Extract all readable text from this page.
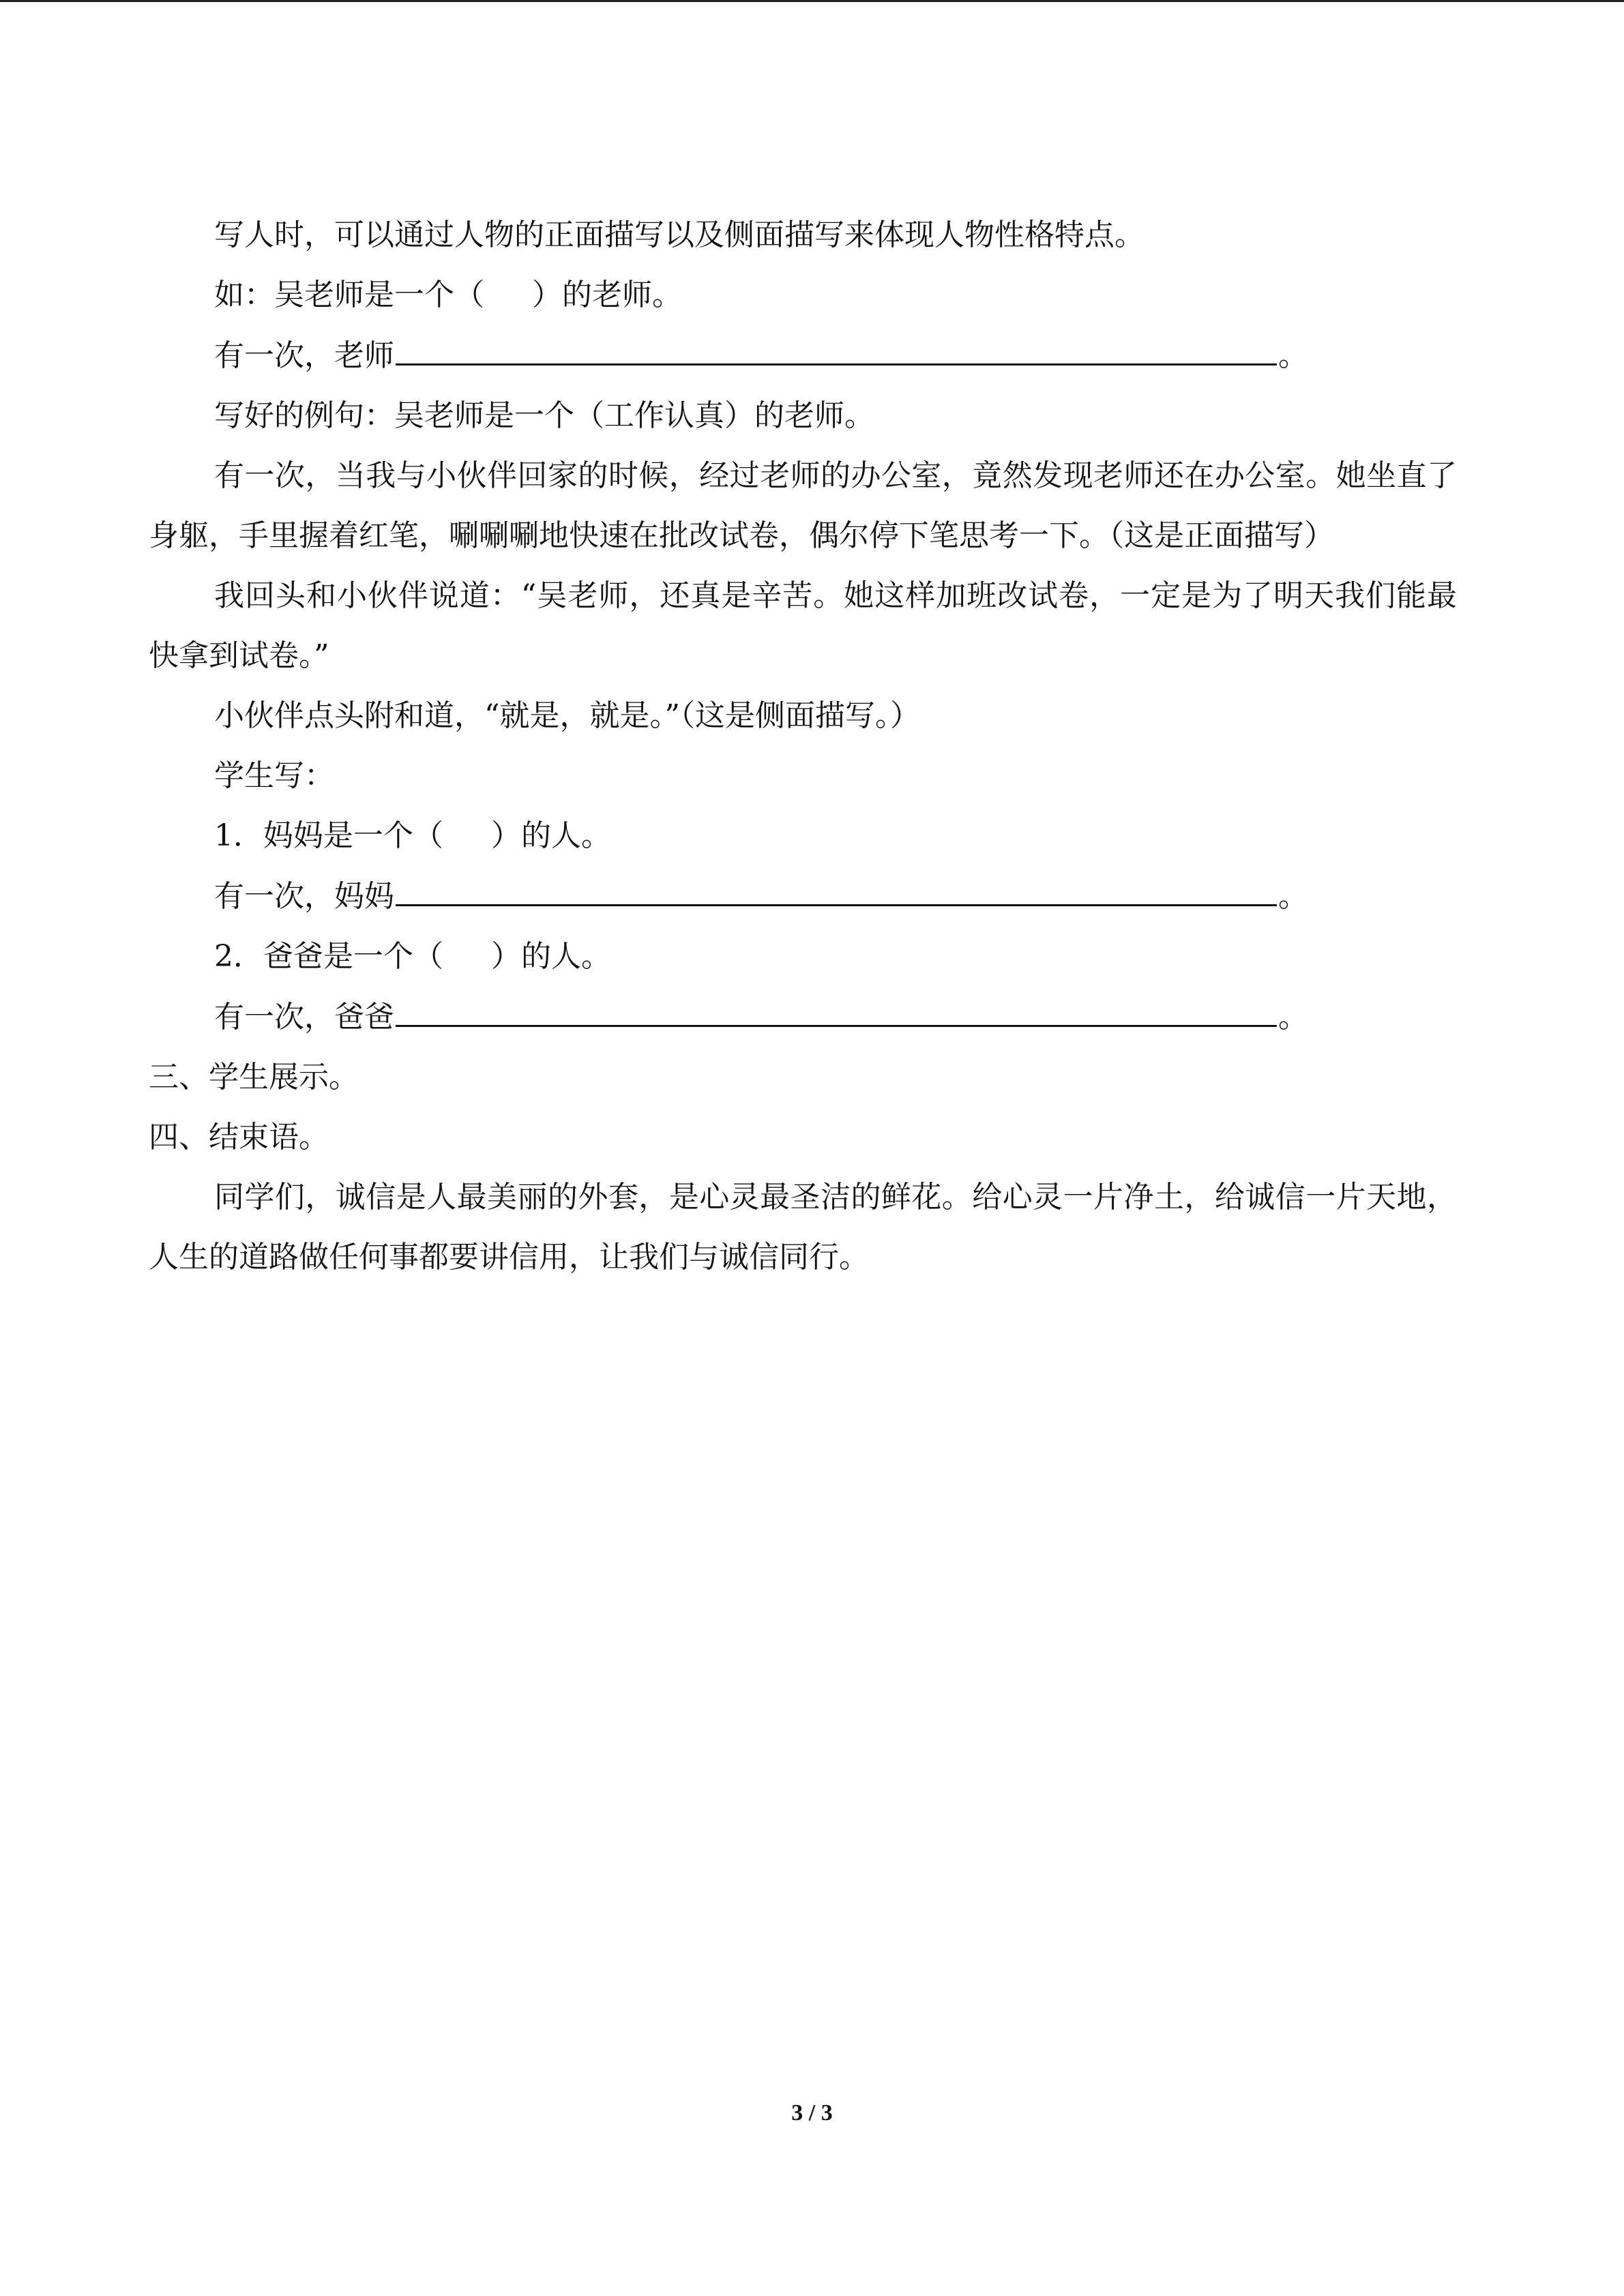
写人时，可以通过人物的正面描写以及侧面描写来体现人物性格特点。

如：吴老师是一个（ ）的老师。

有一次，老师	。

写好的例句：吴老师是一个（工作认真）的老师。

有一次，当我与小伙伴回家的时候，经过老师的办公室，竟然发现老师还在办公室。她坐直了身躯，手里握着红笔，唰唰唰地快速在批改试卷，偶尔停下笔思考一下。（这是正面描写）

我回头和小伙伴说道：“吴老师，还真是辛苦。她这样加班改试卷，一定是为了明天我们能最快拿到试卷。”

小伙伴点头附和道，“就是，就是。”（这是侧面描写。）

学生写：

1．妈妈是一个（ ）的人。

有一次，妈妈	。

2．爸爸是一个（ ）的人。

有一次，爸爸	。

三、学生展示。

四、结束语。

同学们，诚信是人最美丽的外套，是心灵最圣洁的鲜花。给心灵一片净土，给诚信一片天地，人生的道路做任何事都要讲信用，让我们与诚信同行。

3 / 3
